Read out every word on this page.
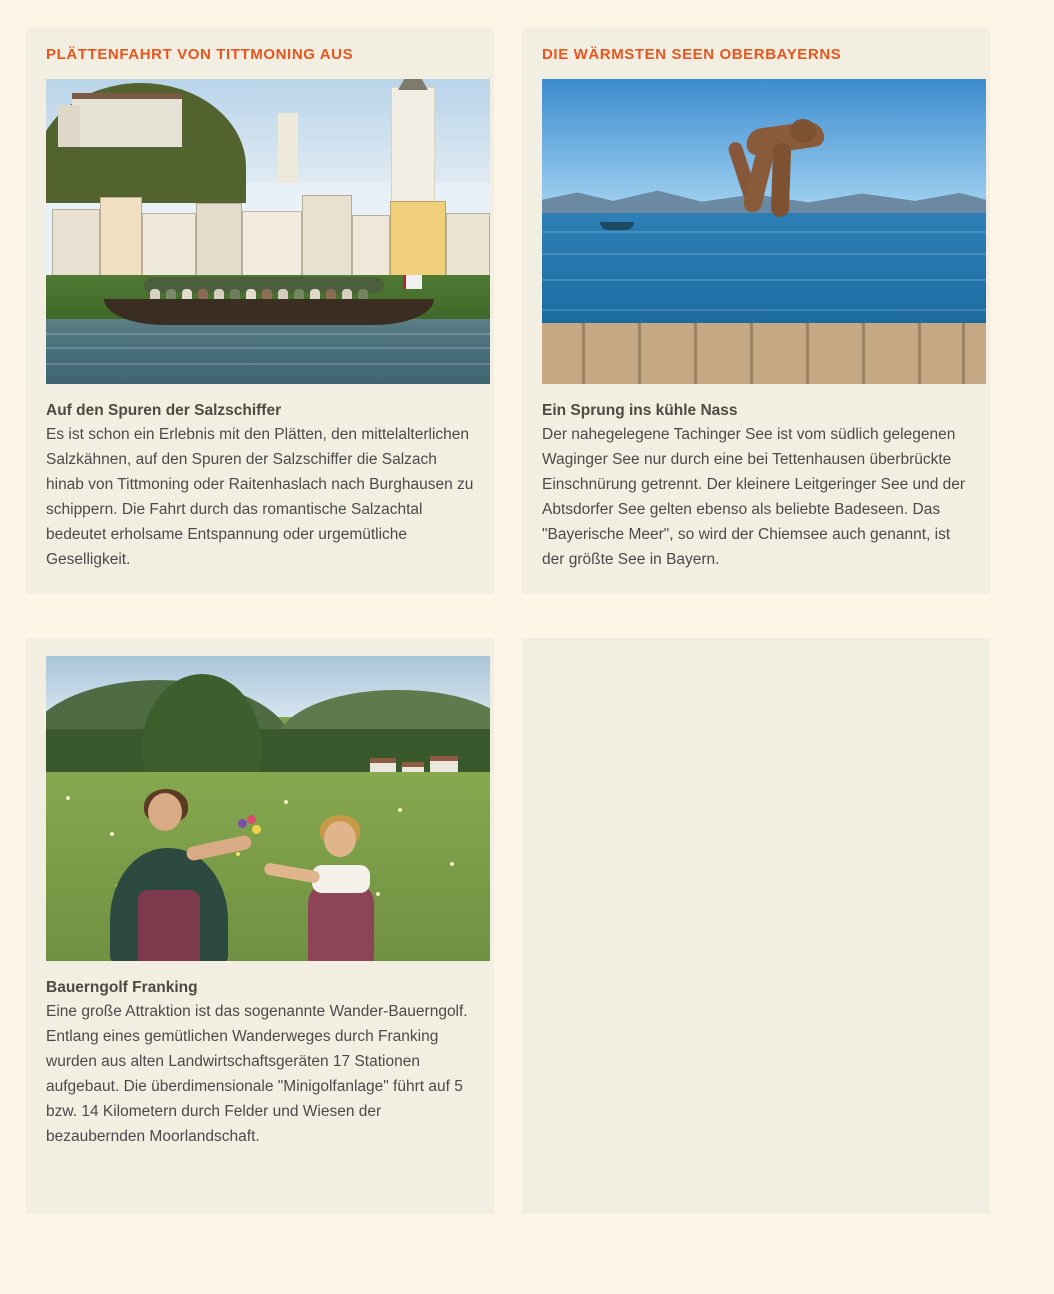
PLÄTTENFAHRT VON TITTMONING AUS
Auf den Spuren der Salzschiffer

Es ist schon ein Erlebnis mit den Plätten, den mittelalterlichen Salzkähnen, auf den Spuren der Salzschiffer die Salzach hinab von Tittmoning oder Raitenhaslach nach Burghausen zu schippern. Die Fahrt durch das romantische Salzachtal bedeutet erholsame Entspannung oder urgemütliche Geselligkeit.

DIE WÄRMSTEN SEEN OBERBAYERNS
Ein Sprung ins kühle Nass

Der nahegelegene Tachinger See ist vom südlich gelegenen Waginger See nur durch eine bei Tettenhausen überbrückte Einschnürung getrennt. Der kleinere Leitgeringer See und der Abtsdorfer See gelten ebenso als beliebte Badeseen. Das "Bayerische Meer", so wird der Chiemsee auch genannt, ist der größte See in Bayern.

Bauerngolf Franking

Eine große Attraktion ist das sogenannte Wander-Bauerngolf. Entlang eines gemütlichen Wanderweges durch Franking wurden aus alten Landwirtschaftsgeräten 17 Stationen aufgebaut. Die überdimensionale "Minigolfanlage" führt auf 5 bzw. 14 Kilometern durch Felder und Wiesen der bezaubernden Moorlandschaft.
